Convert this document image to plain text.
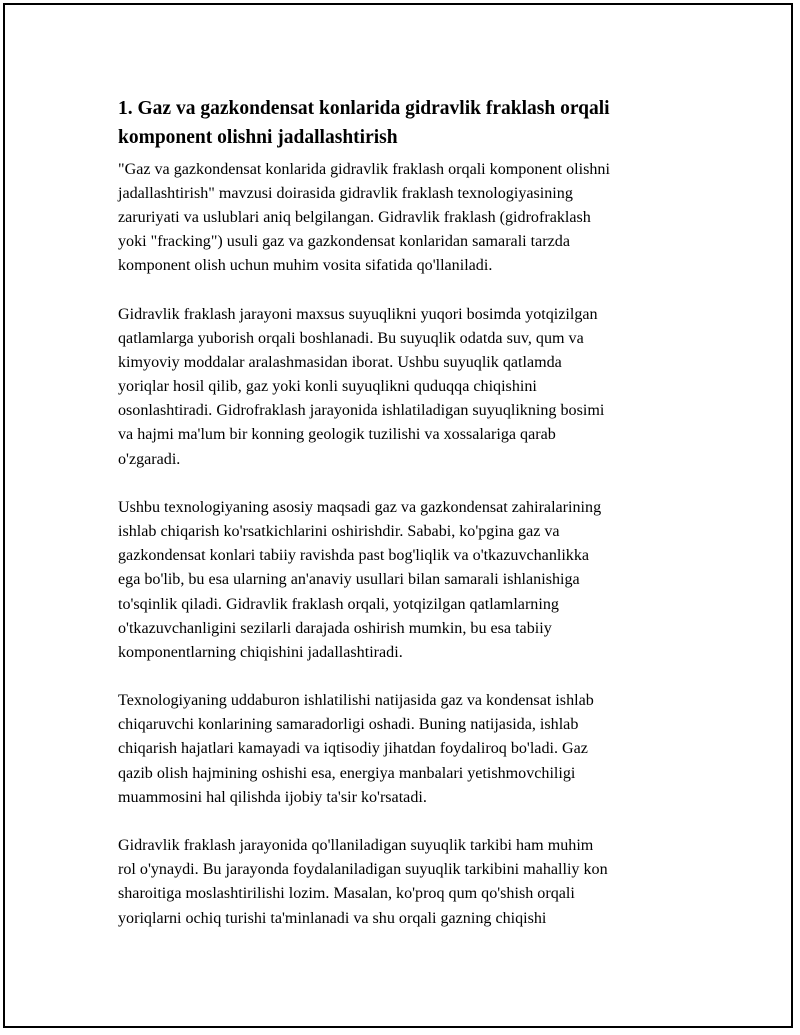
1. Gaz va gazkondensat konlarida gidravlik fraklash orqali
komponent olishni jadallashtirish
"Gaz va gazkondensat konlarida gidravlik fraklash orqali komponent olishni
jadallashtirish" mavzusi doirasida gidravlik fraklash texnologiyasining
zaruriyati va uslublari aniq belgilangan. Gidravlik fraklash (gidrofraklash
yoki "fracking") usuli gaz va gazkondensat konlaridan samarali tarzda
komponent olish uchun muhim vosita sifatida qo'llaniladi.
Gidravlik fraklash jarayoni maxsus suyuqlikni yuqori bosimda yotqizilgan
qatlamlarga yuborish orqali boshlanadi. Bu suyuqlik odatda suv, qum va
kimyoviy moddalar aralashmasidan iborat. Ushbu suyuqlik qatlamda
yoriqlar hosil qilib, gaz yoki konli suyuqlikni quduqqa chiqishini
osonlashtiradi. Gidrofraklash jarayonida ishlatiladigan suyuqlikning bosimi
va hajmi ma'lum bir konning geologik tuzilishi va xossalariga qarab
o'zgaradi.
Ushbu texnologiyaning asosiy maqsadi gaz va gazkondensat zahiralarining
ishlab chiqarish ko'rsatkichlarini oshirishdir. Sababi, ko'pgina gaz va
gazkondensat konlari tabiiy ravishda past bog'liqlik va o'tkazuvchanlikka
ega bo'lib, bu esa ularning an'anaviy usullari bilan samarali ishlanishiga
to'sqinlik qiladi. Gidravlik fraklash orqali, yotqizilgan qatlamlarning
o'tkazuvchanligini sezilarli darajada oshirish mumkin, bu esa tabiiy
komponentlarning chiqishini jadallashtiradi.
Texnologiyaning uddaburon ishlatilishi natijasida gaz va kondensat ishlab
chiqaruvchi konlarining samaradorligi oshadi. Buning natijasida, ishlab
chiqarish hajatlari kamayadi va iqtisodiy jihatdan foydaliroq bo'ladi. Gaz
qazib olish hajmining oshishi esa, energiya manbalari yetishmovchiligi
muammosini hal qilishda ijobiy ta'sir ko'rsatadi.
Gidravlik fraklash jarayonida qo'llaniladigan suyuqlik tarkibi ham muhim
rol o'ynaydi. Bu jarayonda foydalaniladigan suyuqlik tarkibini mahalliy kon
sharoitiga moslashtirilishi lozim. Masalan, ko'proq qum qo'shish orqali
yoriqlarni ochiq turishi ta'minlanadi va shu orqali gazning chiqishi
